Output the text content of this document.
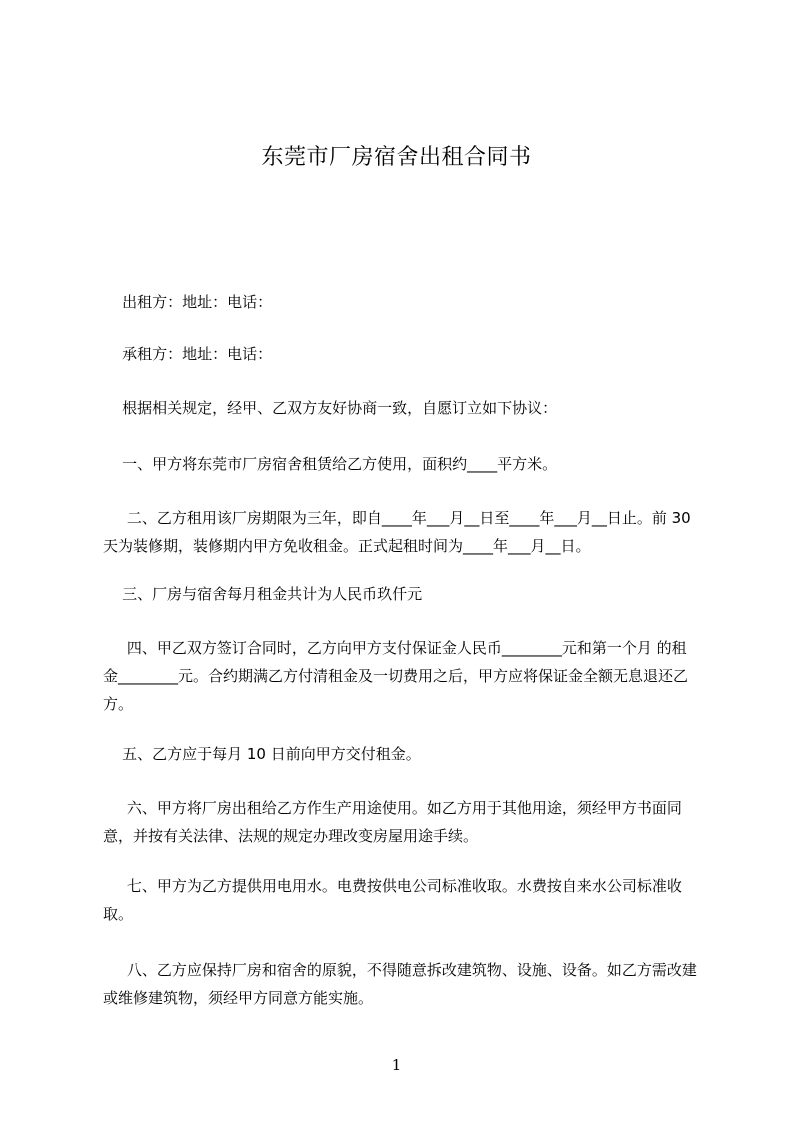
东莞市厂房宿舍出租合同书

出租方：地址：电话：

承租方：地址：电话：

根据相关规定，经甲、乙双方友好协商一致，自愿订立如下协议：

一、甲方将东莞市厂房宿舍租赁给乙方使用，面积约____平方米。

二、乙方租用该厂房期限为三年，即自____年___月__日至____年___月__日止。前 30 天为装修期，装修期内甲方免收租金。正式起租时间为____年___月__日。

三、厂房与宿舍每月租金共计为人民币玖仟元

四、甲乙双方签订合同时，乙方向甲方支付保证金人民币________元和第一个月 的租金________元。合约期满乙方付清租金及一切费用之后，甲方应将保证金全额无息退还乙方。

五、乙方应于每月 10 日前向甲方交付租金。

六、甲方将厂房出租给乙方作生产用途使用。如乙方用于其他用途，须经甲方书面同意，并按有关法律、法规的规定办理改变房屋用途手续。

七、甲方为乙方提供用电用水。电费按供电公司标准收取。水费按自来水公司标准收取。

八、乙方应保持厂房和宿舍的原貌，不得随意拆改建筑物、设施、设备。如乙方需改建或维修建筑物，须经甲方同意方能实施。

1
